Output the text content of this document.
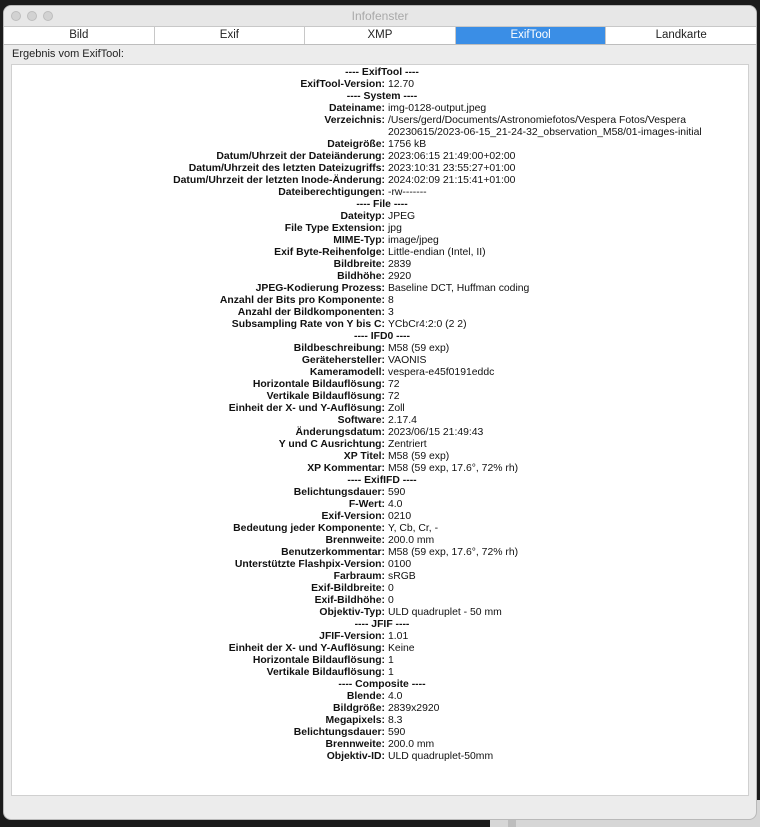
Infofenster
Bild	Exif	XMP	ExifTool	Landkarte
Ergebnis vom ExifTool:
---- ExifTool ----
ExifTool-Version: 12.70
---- System ----
Dateiname: img-0128-output.jpeg
Verzeichnis: /Users/gerd/Documents/Astronomiefotos/Vespera Fotos/Vespera
20230615/2023-06-15_21-24-32_observation_M58/01-images-initial
Dateigröße: 1756 kB
Datum/Uhrzeit der Dateiänderung: 2023:06:15 21:49:00+02:00
Datum/Uhrzeit des letzten Dateizugriffs: 2023:10:31 23:55:27+01:00
Datum/Uhrzeit der letzten Inode-Änderung: 2024:02:09 21:15:41+01:00
Dateiberechtigungen: -rw-------
---- File ----
Dateityp: JPEG
File Type Extension: jpg
MIME-Typ: image/jpeg
Exif Byte-Reihenfolge: Little-endian (Intel, II)
Bildbreite: 2839
Bildhöhe: 2920
JPEG-Kodierung Prozess: Baseline DCT, Huffman coding
Anzahl der Bits pro Komponente: 8
Anzahl der Bildkomponenten: 3
Subsampling Rate von Y bis C: YCbCr4:2:0 (2 2)
---- IFD0 ----
Bildbeschreibung: M58 (59 exp)
Gerätehersteller: VAONIS
Kameramodell: vespera-e45f0191eddc
Horizontale Bildauflösung: 72
Vertikale Bildauflösung: 72
Einheit der X- und Y-Auflösung: Zoll
Software: 2.17.4
Änderungsdatum: 2023/06/15 21:49:43
Y und C Ausrichtung: Zentriert
XP Titel: M58 (59 exp)
XP Kommentar: M58 (59 exp, 17.6°, 72% rh)
---- ExifIFD ----
Belichtungsdauer: 590
F-Wert: 4.0
Exif-Version: 0210
Bedeutung jeder Komponente: Y, Cb, Cr, -
Brennweite: 200.0 mm
Benutzerkommentar: M58 (59 exp, 17.6°, 72% rh)
Unterstützte Flashpix-Version: 0100
Farbraum: sRGB
Exif-Bildbreite: 0
Exif-Bildhöhe: 0
Objektiv-Typ: ULD quadruplet - 50 mm
---- JFIF ----
JFIF-Version: 1.01
Einheit der X- und Y-Auflösung: Keine
Horizontale Bildauflösung: 1
Vertikale Bildauflösung: 1
---- Composite ----
Blende: 4.0
Bildgröße: 2839x2920
Megapixels: 8.3
Belichtungsdauer: 590
Brennweite: 200.0 mm
Objektiv-ID: ULD quadruplet-50mm
